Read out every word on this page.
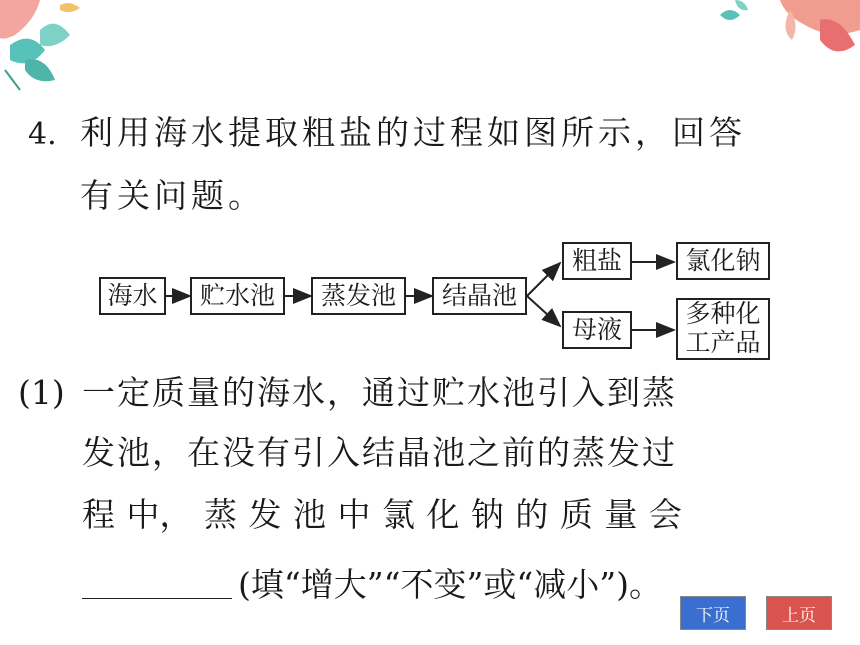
4. 利用海水提取粗盐的过程如图所示，回答
有关问题。
海水	贮水池	蒸发池	结晶池
粗盐
母液
氯化钠
多种化
工产品
(1) 一定质量的海水，通过贮水池引入到蒸
发池，在没有引入结晶池之前的蒸发过
程 中， 蒸 发 池 中 氯 化 钠 的 质 量 会
(填“增大”“不变”或“减小”)。
下页	上页
